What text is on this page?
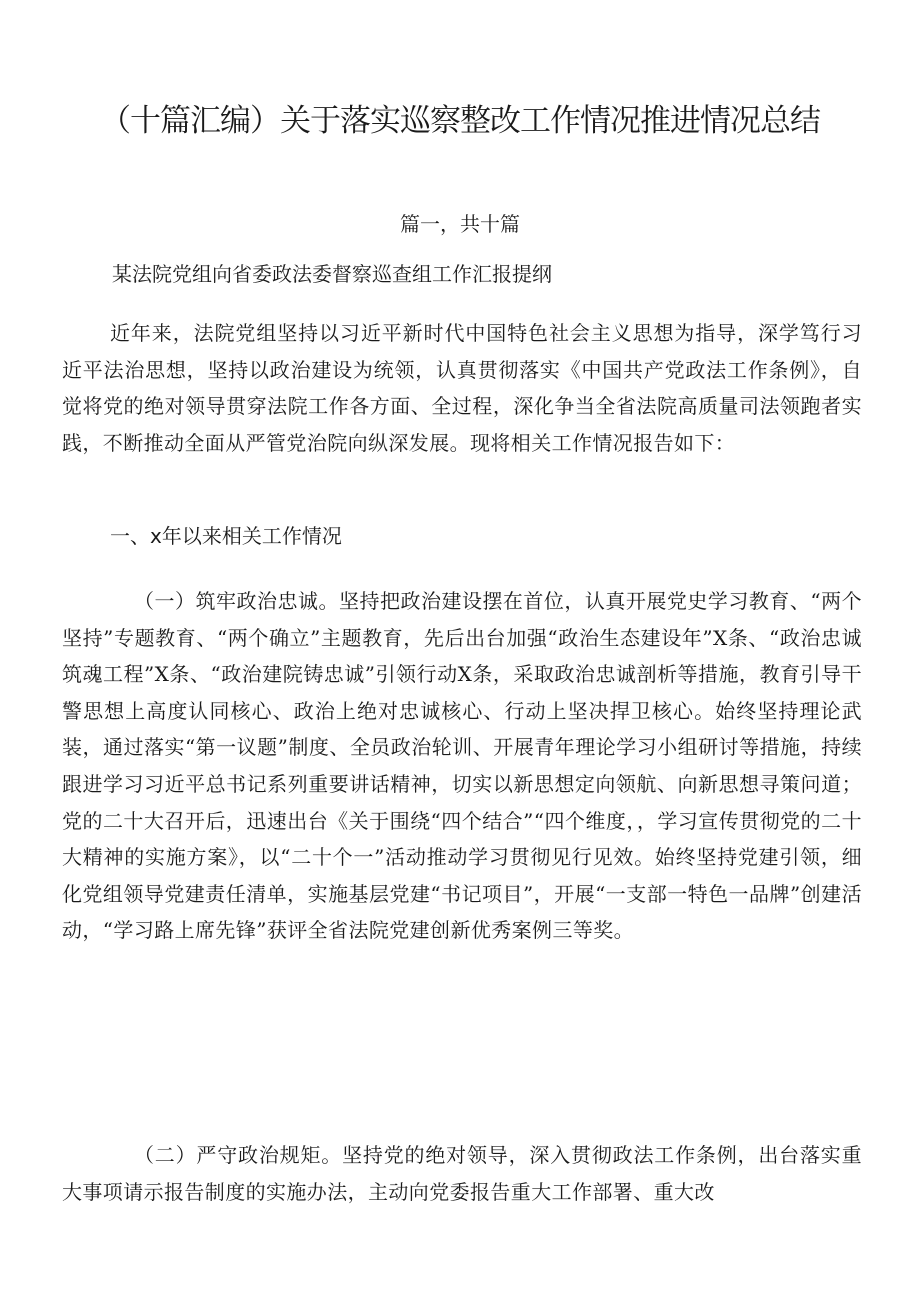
（十篇汇编）关于落实巡察整改工作情况推进情况总结
篇一，共十篇
某法院党组向省委政法委督察巡查组工作汇报提纲

近年来，法院党组坚持以习近平新时代中国特色社会主义思想为指导，深学笃行习近平法治思想，坚持以政治建设为统领，认真贯彻落实《中国共产党政法工作条例》，自觉将党的绝对领导贯穿法院工作各方面、全过程，深化争当全省法院高质量司法领跑者实践，不断推动全面从严管党治院向纵深发展。现将相关工作情况报告如下：

一、x年以来相关工作情况

（一）筑牢政治忠诚。坚持把政治建设摆在首位，认真开展党史学习教育、“两个坚持”专题教育、“两个确立”主题教育，先后出台加强“政治生态建设年”X条、“政治忠诚筑魂工程”X条、“政治建院铸忠诚”引领行动X条，采取政治忠诚剖析等措施，教育引导干警思想上高度认同核心、政治上绝对忠诚核心、行动上坚决捍卫核心。始终坚持理论武装，通过落实“第一议题”制度、全员政治轮训、开展青年理论学习小组研讨等措施，持续跟进学习习近平总书记系列重要讲话精神，切实以新思想定向领航、向新思想寻策问道；党的二十大召开后，迅速出台《关于围绕“四个结合”“四个维度，，学习宣传贯彻党的二十大精神的实施方案》，以“二十个一”活动推动学习贯彻见行见效。始终坚持党建引领，细化党组领导党建责任清单，实施基层党建“书记项目”，开展“一支部一特色一品牌”创建活动，“学习路上席先锋”获评全省法院党建创新优秀案例三等奖。

（二）严守政治规矩。坚持党的绝对领导，深入贯彻政法工作条例，出台落实重大事项请示报告制度的实施办法，主动向党委报告重大工作部署、重大改
